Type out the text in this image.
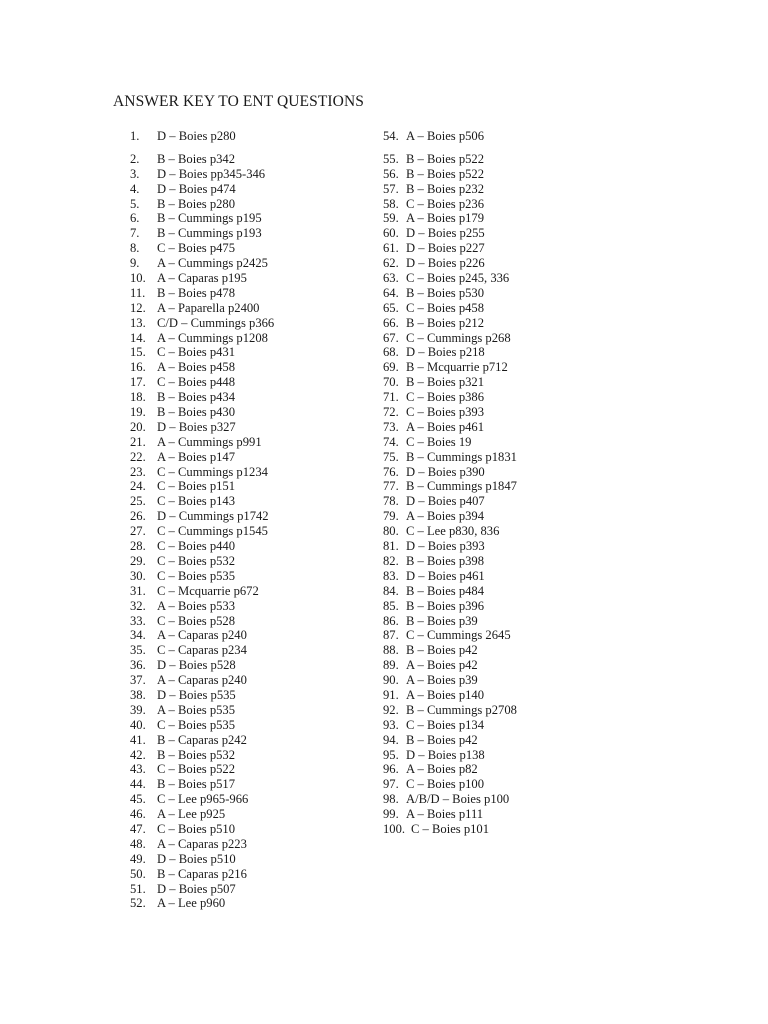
ANSWER KEY TO ENT QUESTIONS
1.	D – Boies p280
2.	B – Boies p342
3.	D – Boies pp345-346
4.	D – Boies p474
5.	B – Boies p280
6.	B – Cummings p195
7.	B – Cummings p193
8.	C – Boies p475
9.	A – Cummings p2425
10. A – Caparas p195
11. B – Boies p478
12. A – Paparella p2400
13. C/D – Cummings p366
14. A – Cummings p1208
15. C – Boies p431
16. A – Boies p458
17. C – Boies p448
18. B – Boies p434
19. B – Boies p430
20. D – Boies p327
21. A – Cummings p991
22. A – Boies p147
23. C – Cummings p1234
24. C – Boies p151
25. C – Boies p143
26. D – Cummings p1742
27. C – Cummings p1545
28. C – Boies p440
29. C – Boies p532
30. C – Boies p535
31. C – Mcquarrie p672
32. A – Boies p533
33. C – Boies p528
34. A – Caparas p240
35. C – Caparas p234
36. D – Boies p528
37. A – Caparas p240
38. D – Boies p535
39. A – Boies p535
40. C – Boies p535
41. B – Caparas p242
42. B – Boies p532
43. C – Boies p522
44. B – Boies p517
45. C – Lee p965-966
46. A – Lee p925
47. C – Boies p510
48. A – Caparas p223
49. D – Boies p510
50. B – Caparas p216
51. D – Boies p507
52. A – Lee p960
54. A – Boies p506
55. B – Boies p522
56. B – Boies p522
57. B – Boies p232
58. C – Boies p236
59. A – Boies p179
60. D – Boies p255
61. D – Boies p227
62. D – Boies p226
63. C – Boies p245, 336
64. B – Boies p530
65. C – Boies p458
66. B – Boies p212
67. C – Cummings p268
68. D – Boies p218
69. B – Mcquarrie p712
70. B – Boies p321
71. C – Boies p386
72. C – Boies p393
73. A – Boies p461
74. C – Boies 19
75. B – Cummings p1831
76. D – Boies p390
77. B – Cummings p1847
78. D – Boies p407
79. A – Boies p394
80. C – Lee p830, 836
81. D – Boies p393
82. B – Boies p398
83. D – Boies p461
84. B – Boies p484
85. B – Boies p396
86. B – Boies p39
87. C – Cummings 2645
88. B – Boies p42
89. A – Boies p42
90. A – Boies p39
91. A – Boies p140
92. B – Cummings p2708
93. C – Boies p134
94. B – Boies p42
95. D – Boies p138
96. A – Boies p82
97. C – Boies p100
98. A/B/D – Boies p100
99. A – Boies p111
100. C – Boies p101
